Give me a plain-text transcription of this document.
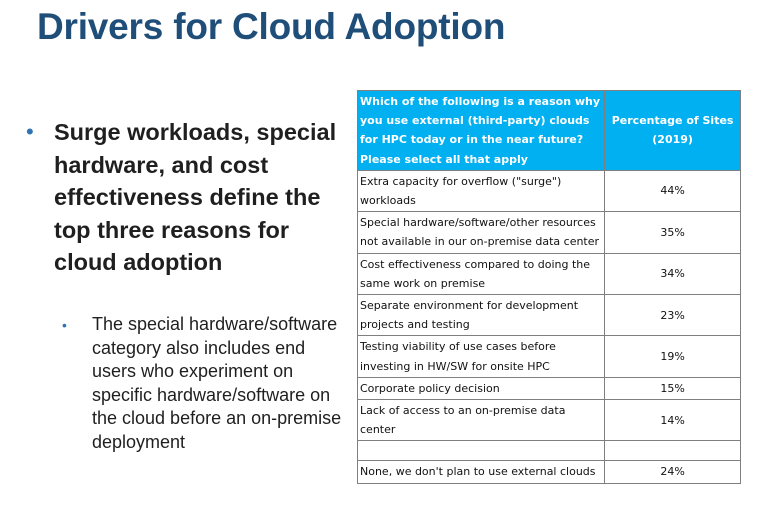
Drivers for Cloud Adoption
• Surge workloads, special hardware, and cost effectiveness define the top three reasons for cloud adoption
•	The special hardware/software category also includes end users who experiment on specific hardware/software on the cloud before an on-premise deployment
Which of the following is a reason why you use external (third-party) clouds for HPC today or in the near future? Please select all that apply	Percentage of Sites (2019)
Extra capacity for overflow ("surge") workloads	44%
Special hardware/software/other resources not available in our on-premise data center	35%
Cost effectiveness compared to doing the same work on premise	34%
Separate environment for development projects and testing	23%
Testing viability of use cases before investing in HW/SW for onsite HPC	19%
Corporate policy decision	15%
Lack of access to an on-premise data center	14%

None, we don't plan to use external clouds	24%
